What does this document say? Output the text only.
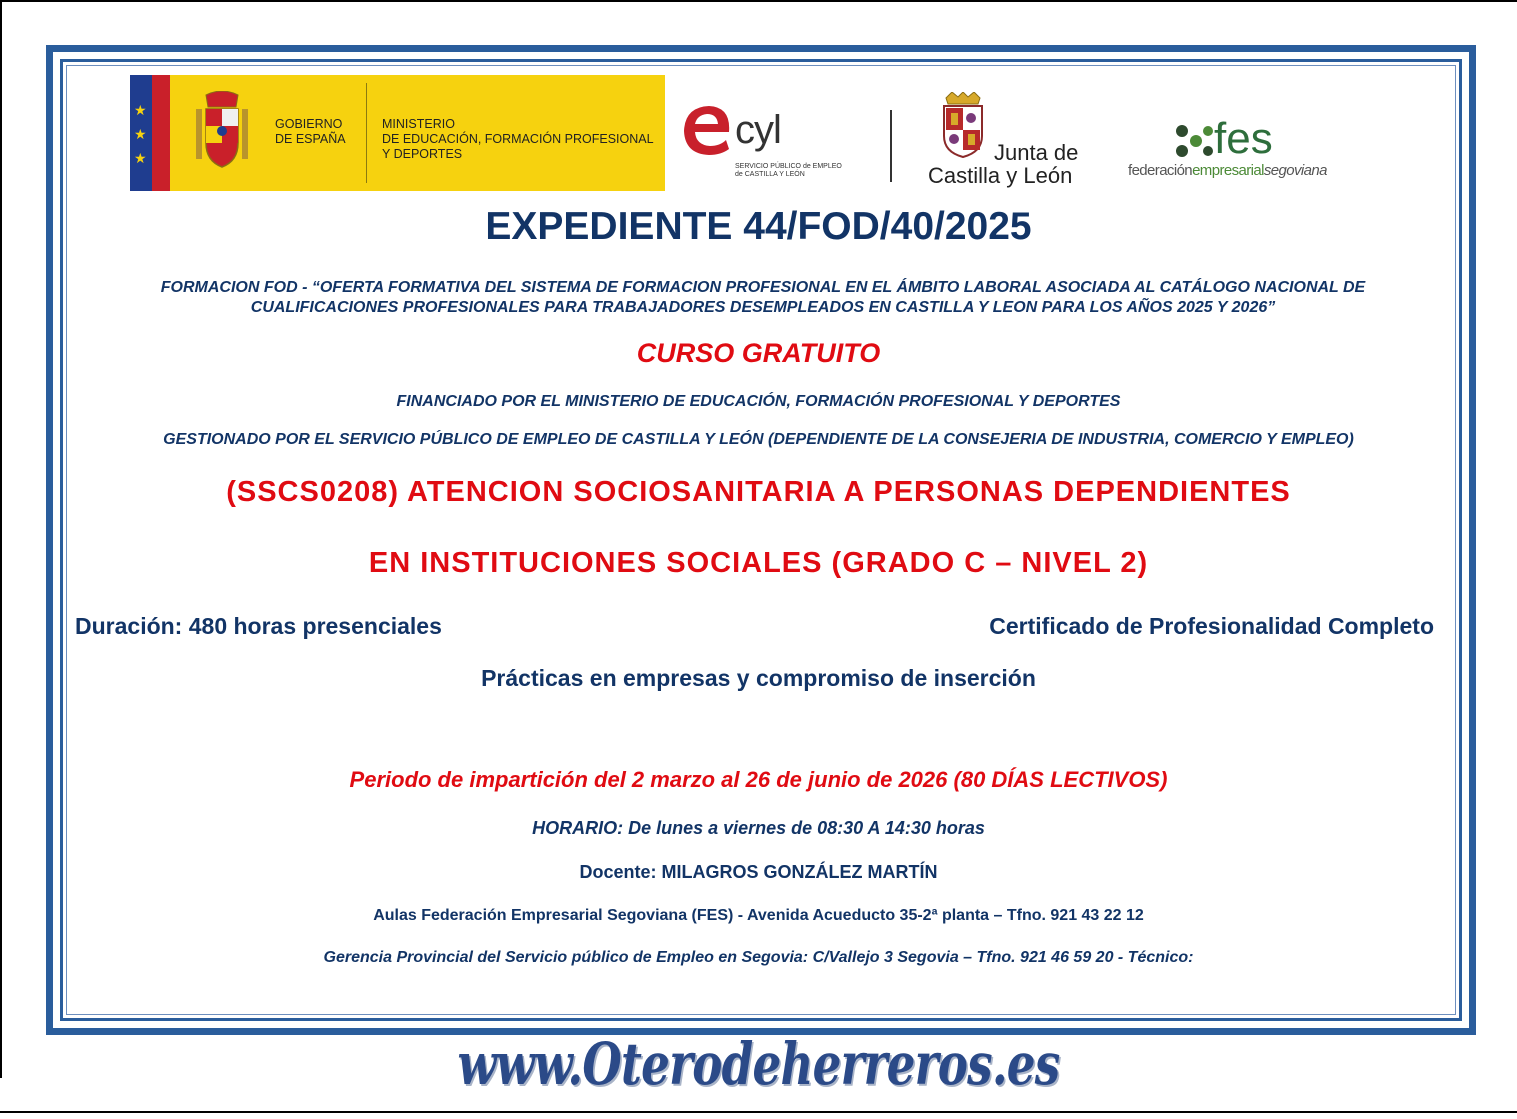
★
★
★
GOBIERNO
DE ESPAÑA
MINISTERIO
DE EDUCACIÓN, FORMACIÓN PROFESIONAL
Y DEPORTES
cyl
SERVICIO PÚBLICO de EMPLEO
de CASTILLA Y LEÓN
Junta de
Castilla y León
fes
federaciónempresarialsegoviana
EXPEDIENTE 44/FOD/40/2025
FORMACION FOD - “OFERTA FORMATIVA DEL SISTEMA DE FORMACION PROFESIONAL EN EL ÁMBITO LABORAL ASOCIADA AL CATÁLOGO NACIONAL DE CUALIFICACIONES PROFESIONALES PARA TRABAJADORES DESEMPLEADOS EN CASTILLA Y LEON PARA LOS AÑOS 2025 Y 2026”
CURSO GRATUITO
FINANCIADO POR EL MINISTERIO DE EDUCACIÓN, FORMACIÓN PROFESIONAL Y DEPORTES
GESTIONADO POR EL SERVICIO PÚBLICO DE EMPLEO DE CASTILLA Y LEÓN (DEPENDIENTE DE LA CONSEJERIA DE INDUSTRIA, COMERCIO Y EMPLEO)
(SSCS0208) ATENCION SOCIOSANITARIA A PERSONAS DEPENDIENTES
EN INSTITUCIONES SOCIALES (GRADO C – NIVEL 2)
Duración: 480 horas presenciales	Certificado de Profesionalidad Completo
Prácticas en empresas y compromiso de inserción
Periodo de impartición del 2 marzo al 26 de junio de 2026 (80 DÍAS LECTIVOS)
HORARIO: De lunes a viernes de 08:30 A 14:30 horas
Docente: MILAGROS GONZÁLEZ MARTÍN
Aulas Federación Empresarial Segoviana (FES) - Avenida Acueducto 35-2ª planta – Tfno. 921 43 22 12
Gerencia Provincial del Servicio público de Empleo en Segovia: C/Vallejo 3 Segovia – Tfno. 921 46 59 20 - Técnico:
www.Oterodeherreros.es
